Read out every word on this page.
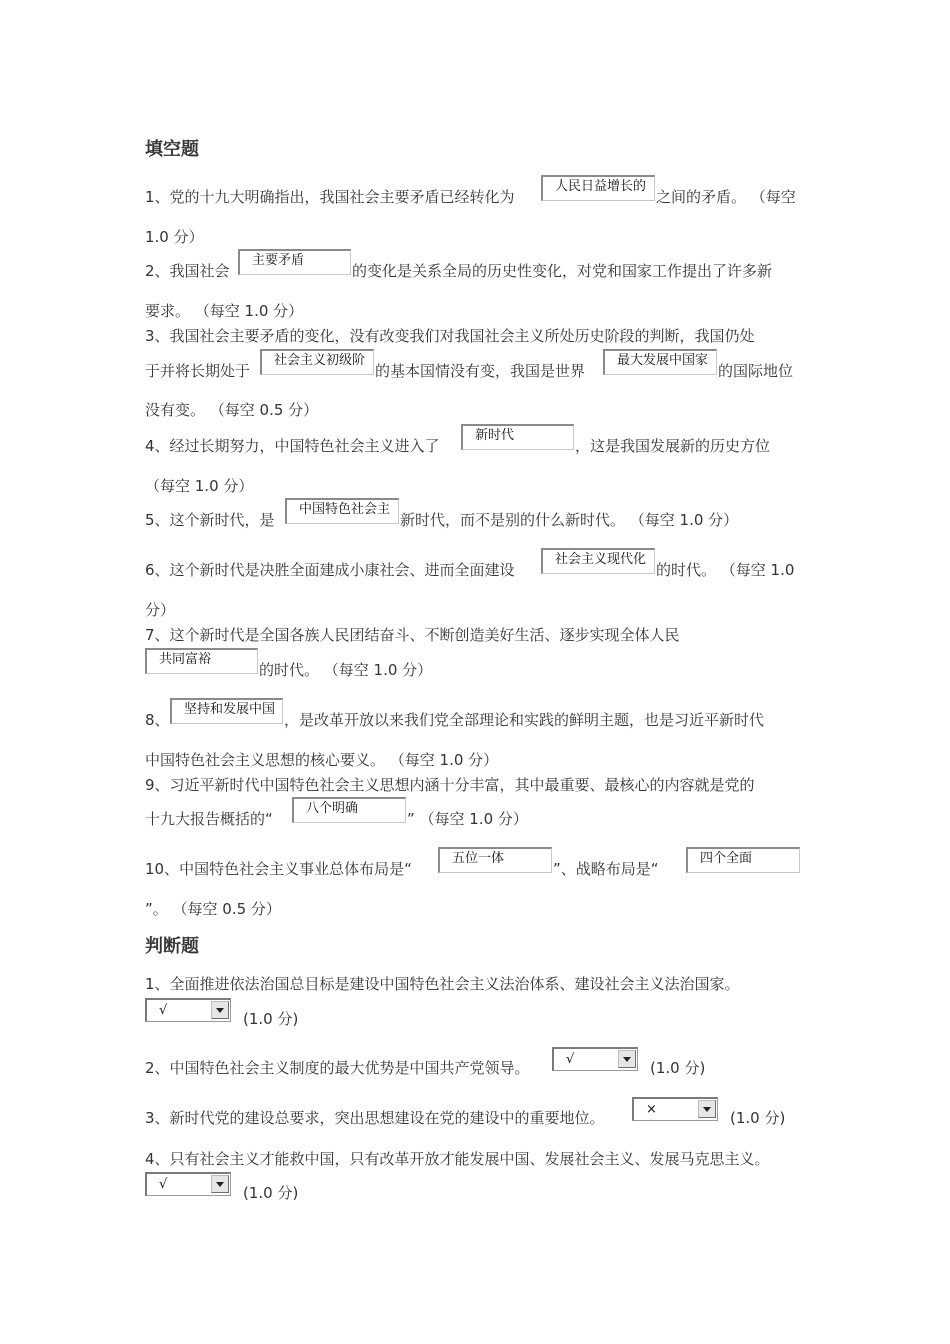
填空题
1、党的十九大明确指出，我国社会主要矛盾已经转化为
人民日益增长的
之间的矛盾。 （每空
1.0 分）
2、我国社会
主要矛盾
的变化是关系全局的历史性变化，对党和国家工作提出了许多新
要求。 （每空 1.0 分）
3、我国社会主要矛盾的变化，没有改变我们对我国社会主义所处历史阶段的判断，我国仍处
于并将长期处于
社会主义初级阶
的基本国情没有变，我国是世界
最大发展中国家
的国际地位
没有变。 （每空 0.5 分）
4、经过长期努力，中国特色社会主义进入了
新时代
，这是我国发展新的历史方位
（每空 1.0 分）
5、这个新时代，是
中国特色社会主
新时代，而不是别的什么新时代。 （每空 1.0 分）
6、这个新时代是决胜全面建成小康社会、进而全面建设
社会主义现代化
的时代。 （每空 1.0
分）
7、这个新时代是全国各族人民团结奋斗、不断创造美好生活、逐步实现全体人民
共同富裕
的时代。 （每空 1.0 分）
8、
坚持和发展中国
，是改革开放以来我们党全部理论和实践的鲜明主题，也是习近平新时代
中国特色社会主义思想的核心要义。 （每空 1.0 分）
9、习近平新时代中国特色社会主义思想内涵十分丰富，其中最重要、最核心的内容就是党的
十九大报告概括的“
八个明确
” （每空 1.0 分）
10、中国特色社会主义事业总体布局是“
五位一体
”、战略布局是“
四个全面
”。 （每空 0.5 分）
判断题
1、全面推进依法治国总目标是建设中国特色社会主义法治体系、建设社会主义法治国家。
√	(1.0 分)
2、中国特色社会主义制度的最大优势是中国共产党领导。	√	(1.0 分)
3、新时代党的建设总要求，突出思想建设在党的建设中的重要地位。	×	(1.0 分)
4、只有社会主义才能救中国，只有改革开放才能发展中国、发展社会主义、发展马克思主义。
√	(1.0 分)
